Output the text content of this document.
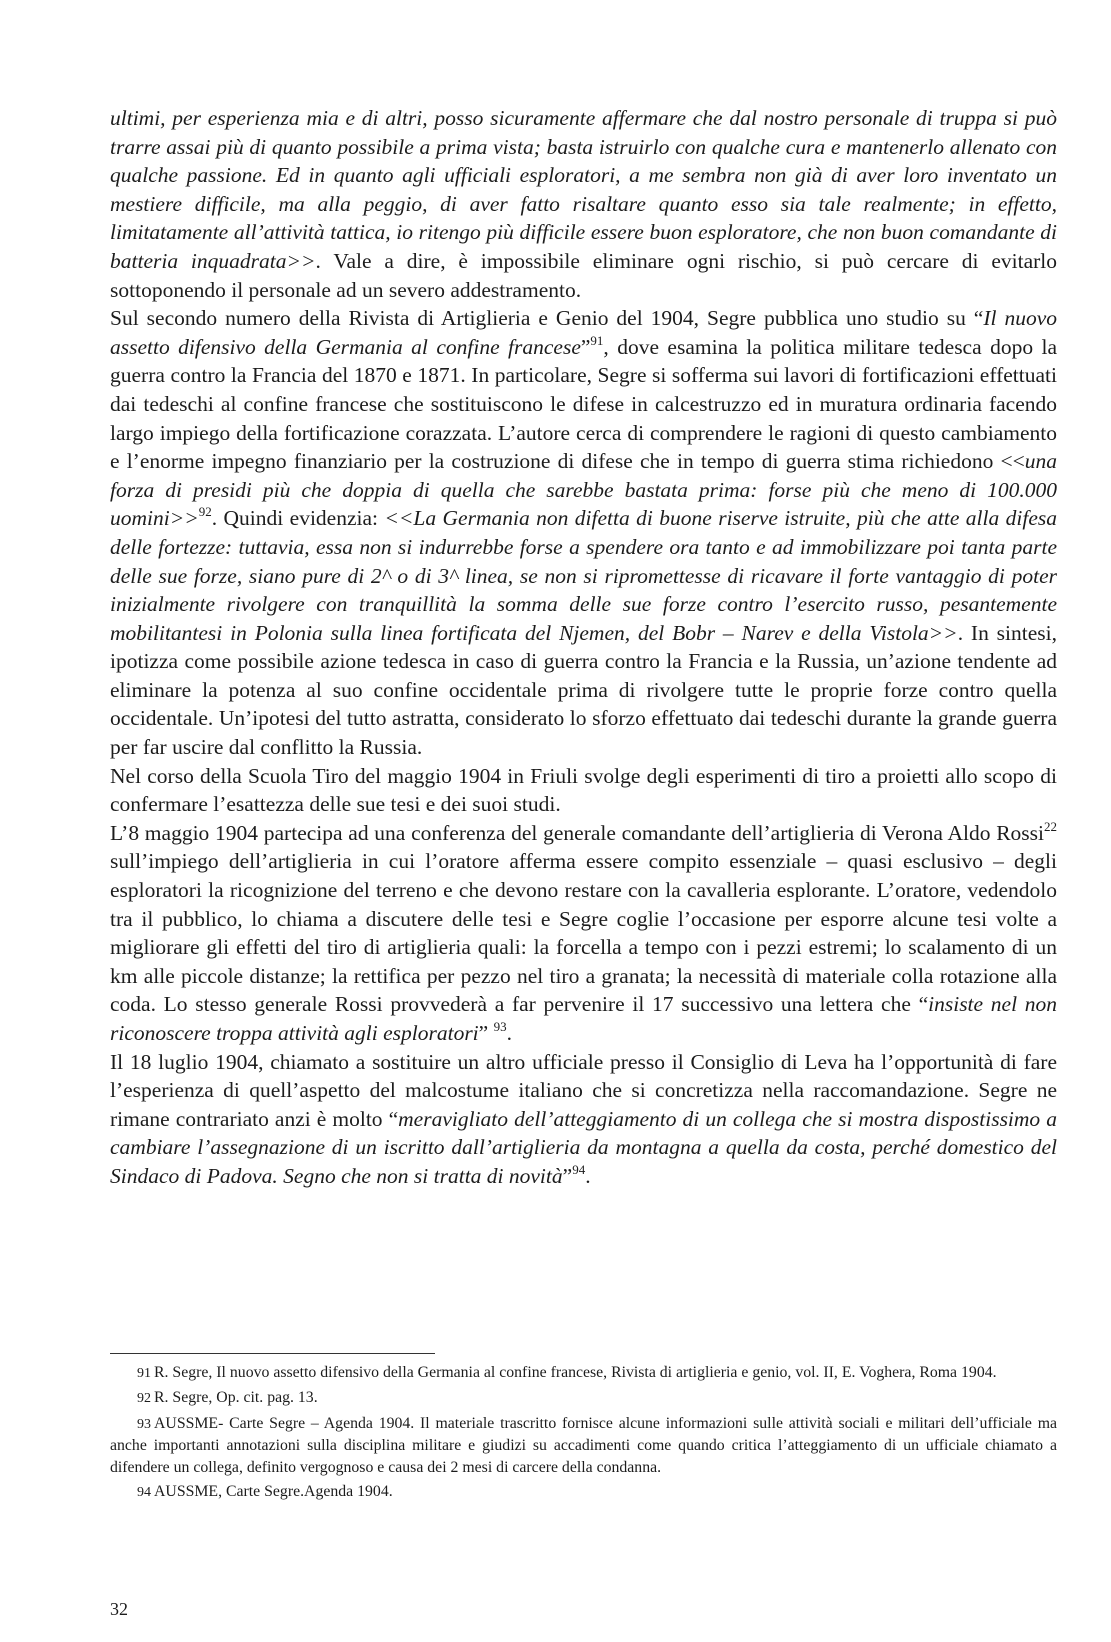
ultimi, per esperienza mia e di altri, posso sicuramente affermare che dal nostro personale di truppa si può trarre assai più di quanto possibile a prima vista; basta istruirlo con qualche cura e mantenerlo allenato con qualche passione. Ed in quanto agli ufficiali esploratori, a me sembra non già di aver loro inventato un mestiere difficile, ma alla peggio, di aver fatto risaltare quanto esso sia tale realmente; in effetto, limitatamente all’attività tattica, io ritengo più difficile essere buon esploratore, che non buon comandante di batteria inquadrata>>. Vale a dire, è impossibile eliminare ogni rischio, si può cercare di evitarlo sottoponendo il personale ad un severo addestramento.

Sul secondo numero della Rivista di Artiglieria e Genio del 1904, Segre pubblica uno studio su “Il nuovo assetto difensivo della Germania al confine francese”$^{91}$, dove esamina la politica militare tedesca dopo la guerra contro la Francia del 1870 e 1871. In particolare, Segre si sofferma sui lavori di fortificazioni effettuati dai tedeschi al confine francese che sostituiscono le difese in calcestruzzo ed in muratura ordinaria facendo largo impiego della fortificazione corazzata. L’autore cerca di comprendere le ragioni di questo cambiamento e l’enorme impegno finanziario per la costruzione di difese che in tempo di guerra stima richiedono <<una forza di presidi più che doppia di quella che sarebbe bastata prima: forse più che meno di 100.000 uomini>>$^{92}$. Quindi evidenzia: <<La Germania non difetta di buone riserve istruite, più che atte alla difesa delle fortezze: tuttavia, essa non si indurrebbe forse a spendere ora tanto e ad immobilizzare poi tanta parte delle sue forze, siano pure di 2^ o di 3^ linea, se non si ripromettesse di ricavare il forte vantaggio di poter inizialmente rivolgere con tranquillità la somma delle sue forze contro l’esercito russo, pesantemente mobilitantesi in Polonia sulla linea fortificata del Njemen, del Bobr – Narev e della Vistola>>. In sintesi, ipotizza come possibile azione tedesca in caso di guerra contro la Francia e la Russia, un’azione tendente ad eliminare la potenza al suo confine occidentale prima di rivolgere tutte le proprie forze contro quella occidentale. Un’ipotesi del tutto astratta, considerato lo sforzo effettuato dai tedeschi durante la grande guerra per far uscire dal conflitto la Russia.

Nel corso della Scuola Tiro del maggio 1904 in Friuli svolge degli esperimenti di tiro a proietti allo scopo di confermare l’esattezza delle sue tesi e dei suoi studi.

L’8 maggio 1904 partecipa ad una conferenza del generale comandante dell’artiglieria di Verona Aldo Rossi$^{22}$ sull’impiego dell’artiglieria in cui l’oratore afferma essere compito essenziale – quasi esclusivo – degli esploratori la ricognizione del terreno e che devono restare con la cavalleria esplorante. L’oratore, vedendolo tra il pubblico, lo chiama a discutere delle tesi e Segre coglie l’occasione per esporre alcune tesi volte a migliorare gli effetti del tiro di artiglieria quali: la forcella a tempo con i pezzi estremi; lo scalamento di un km alle piccole distanze; la rettifica per pezzo nel tiro a granata; la necessità di materiale colla rotazione alla coda. Lo stesso generale Rossi provvederà a far pervenire il 17 successivo una lettera che “insiste nel non riconoscere troppa attività agli esploratori” $^{93}$.

Il 18 luglio 1904, chiamato a sostituire un altro ufficiale presso il Consiglio di Leva ha l’opportunità di fare l’esperienza di quell’aspetto del malcostume italiano che si concretizza nella raccomandazione. Segre ne rimane contrariato anzi è molto “meravigliato dell’atteggiamento di un collega che si mostra dispostissimo a cambiare l’assegnazione di un iscritto dall’artiglieria da montagna a quella da costa, perché domestico del Sindaco di Padova. Segno che non si tratta di novità”$^{94}$.

91 R. Segre, Il nuovo assetto difensivo della Germania al confine francese, Rivista di artiglieria e genio, vol. II, E. Voghera, Roma 1904.

92 R. Segre, Op. cit. pag. 13.

93 AUSSME- Carte Segre – Agenda 1904. Il materiale trascritto fornisce alcune informazioni sulle attività sociali e militari dell’ufficiale ma anche importanti annotazioni sulla disciplina militare e giudizi su accadimenti come quando critica l’atteggiamento di un ufficiale chiamato a difendere un collega, definito vergognoso e causa dei 2 mesi di carcere della condanna.

94 AUSSME, Carte Segre.Agenda 1904.

32
